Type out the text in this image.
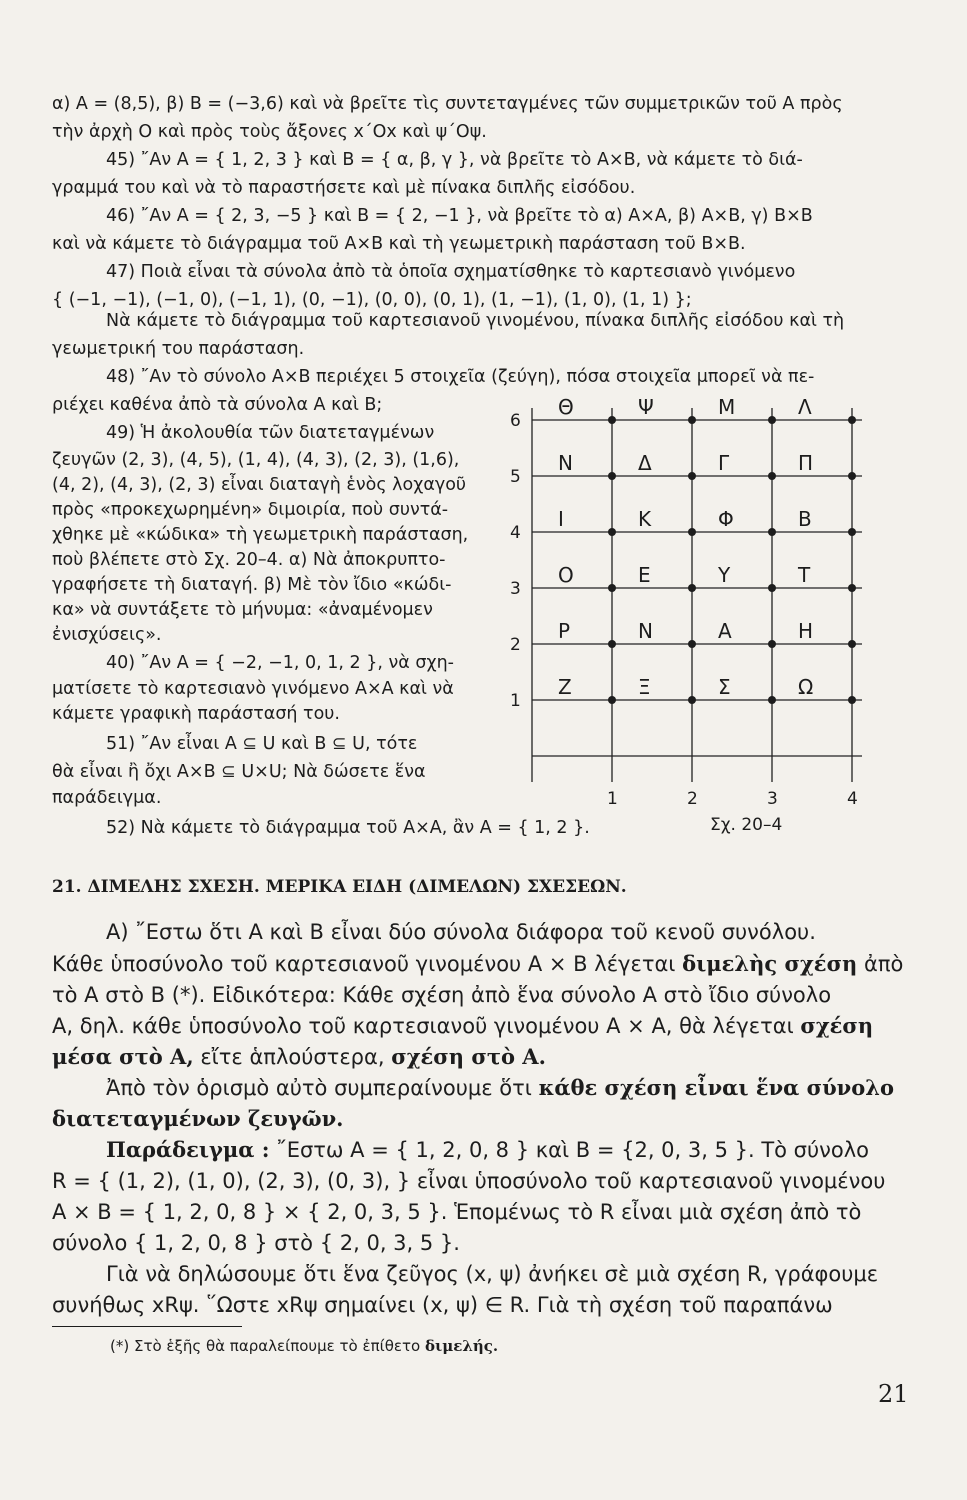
α) A = (8,5), β) B = (−3,6) καὶ νὰ βρεῖτε τὶς συντεταγμένες τῶν συμμετρικῶν τοῦ A πρὸς
τὴν ἀρχὴ O καὶ πρὸς τοὺς ἄξονες x΄Ox καὶ ψ΄Oψ.
45) ῎Αν A = { 1, 2, 3 } καὶ B = { α, β, γ }, νὰ βρεῖτε τὸ A×B, νὰ κάμετε τὸ διά-
γραμμά του καὶ νὰ τὸ παραστήσετε καὶ μὲ πίνακα διπλῆς εἰσόδου.
46) ῎Αν A = { 2, 3, −5 } καὶ B = { 2, −1 }, νὰ βρεῖτε τὸ α) A×A, β) A×B, γ) B×B
καὶ νὰ κάμετε τὸ διάγραμμα τοῦ A×B καὶ τὴ γεωμετρικὴ παράσταση τοῦ B×B.
47) Ποιὰ εἶναι τὰ σύνολα ἀπὸ τὰ ὁποῖα σχηματίσθηκε τὸ καρτεσιανὸ γινόμενο
{ (−1, −1), (−1, 0), (−1, 1), (0, −1), (0, 0), (0, 1), (1, −1), (1, 0), (1, 1) };
Νὰ κάμετε τὸ διάγραμμα τοῦ καρτεσιανοῦ γινομένου, πίνακα διπλῆς εἰσόδου καὶ τὴ
γεωμετρική του παράσταση.
48) ῎Αν τὸ σύνολο A×B περιέχει 5 στοιχεῖα (ζεύγη), πόσα στοιχεῖα μπορεῖ νὰ πε-
ριέχει καθένα ἀπὸ τὰ σύνολα A καὶ B;
49) Ἡ ἀκολουθία τῶν διατεταγμένων
ζευγῶν (2, 3), (4, 5), (1, 4), (4, 3), (2, 3), (1,6),
(4, 2), (4, 3), (2, 3) εἶναι διαταγὴ ἑνὸς λοχαγοῦ
πρὸς «προκεχωρημένη» διμοιρία, ποὺ συντά-
χθηκε μὲ «κώδικα» τὴ γεωμετρικὴ παράσταση,
ποὺ βλέπετε στὸ Σχ. 20–4. α) Νὰ ἀποκρυπτο-
γραφήσετε τὴ διαταγή. β) Μὲ τὸν ἴδιο «κώδι-
κα» νὰ συντάξετε τὸ μήνυμα: «ἀναμένομεν
ἐνισχύσεις».
40) ῎Αν A = { −2, −1, 0, 1, 2 }, νὰ σχη-
ματίσετε τὸ καρτεσιανὸ γινόμενο A×A καὶ νὰ
κάμετε γραφικὴ παράστασή του.
51) ῎Αν εἶναι A ⊆ U καὶ B ⊆ U, τότε
θὰ εἶναι ἢ ὄχι A×B ⊆ U×U; Νὰ δώσετε ἕνα
παράδειγμα.
52) Νὰ κάμετε τὸ διάγραμμα τοῦ A×A, ἂν A = { 1, 2 }.
1
2
3
4
5
6
1	2	3	4
Θ	Ψ	Μ	Λ
Ν	Δ	Γ	Π
Ι	Κ	Φ	Β
Ο	Ε	Υ	Τ
Ρ	Ν	Α	Η
Ζ	Ξ	Σ	Ω
Σχ. 20–4
21. ΔΙΜΕΛΗΣ ΣΧΕΣΗ. ΜΕΡΙΚΑ ΕΙΔΗ (ΔΙΜΕΛΩΝ) ΣΧΕΣΕΩΝ.
A) ῎Εστω ὅτι A καὶ B εἶναι δύο σύνολα διάφορα τοῦ κενοῦ συνόλου.
Κάθε ὑποσύνολο τοῦ καρτεσιανοῦ γινομένου A × B λέγεται διμελὴς σχέση ἀπὸ
τὸ A στὸ B (*). Εἰδικότερα: Κάθε σχέση ἀπὸ ἕνα σύνολο A στὸ ἴδιο σύνολο
A, δηλ. κάθε ὑποσύνολο τοῦ καρτεσιανοῦ γινομένου A × A, θὰ λέγεται σχέση
μέσα στὸ A, εἴτε ἁπλούστερα, σχέση στὸ A.
Ἀπὸ τὸν ὁρισμὸ αὐτὸ συμπεραίνουμε ὅτι κάθε σχέση εἶναι ἕνα σύνολο
διατεταγμένων ζευγῶν.
Παράδειγμα : ῎Εστω A = { 1, 2, 0, 8 } καὶ B = {2, 0, 3, 5 }. Τὸ σύνολο
R = { (1, 2), (1, 0), (2, 3), (0, 3), } εἶναι ὑποσύνολο τοῦ καρτεσιανοῦ γινομένου
A × B = { 1, 2, 0, 8 } × { 2, 0, 3, 5 }. Ἑπομένως τὸ R εἶναι μιὰ σχέση ἀπὸ τὸ
σύνολο { 1, 2, 0, 8 } στὸ { 2, 0, 3, 5 }.
Γιὰ νὰ δηλώσουμε ὅτι ἕνα ζεῦγος (x, ψ) ἀνήκει σὲ μιὰ σχέση R, γράφουμε
συνήθως xRψ. ῞Ωστε xRψ σημαίνει (x, ψ) ∈ R. Γιὰ τὴ σχέση τοῦ παραπάνω
(*) Στὸ ἑξῆς θὰ παραλείπουμε τὸ ἐπίθετο διμελής.
21
